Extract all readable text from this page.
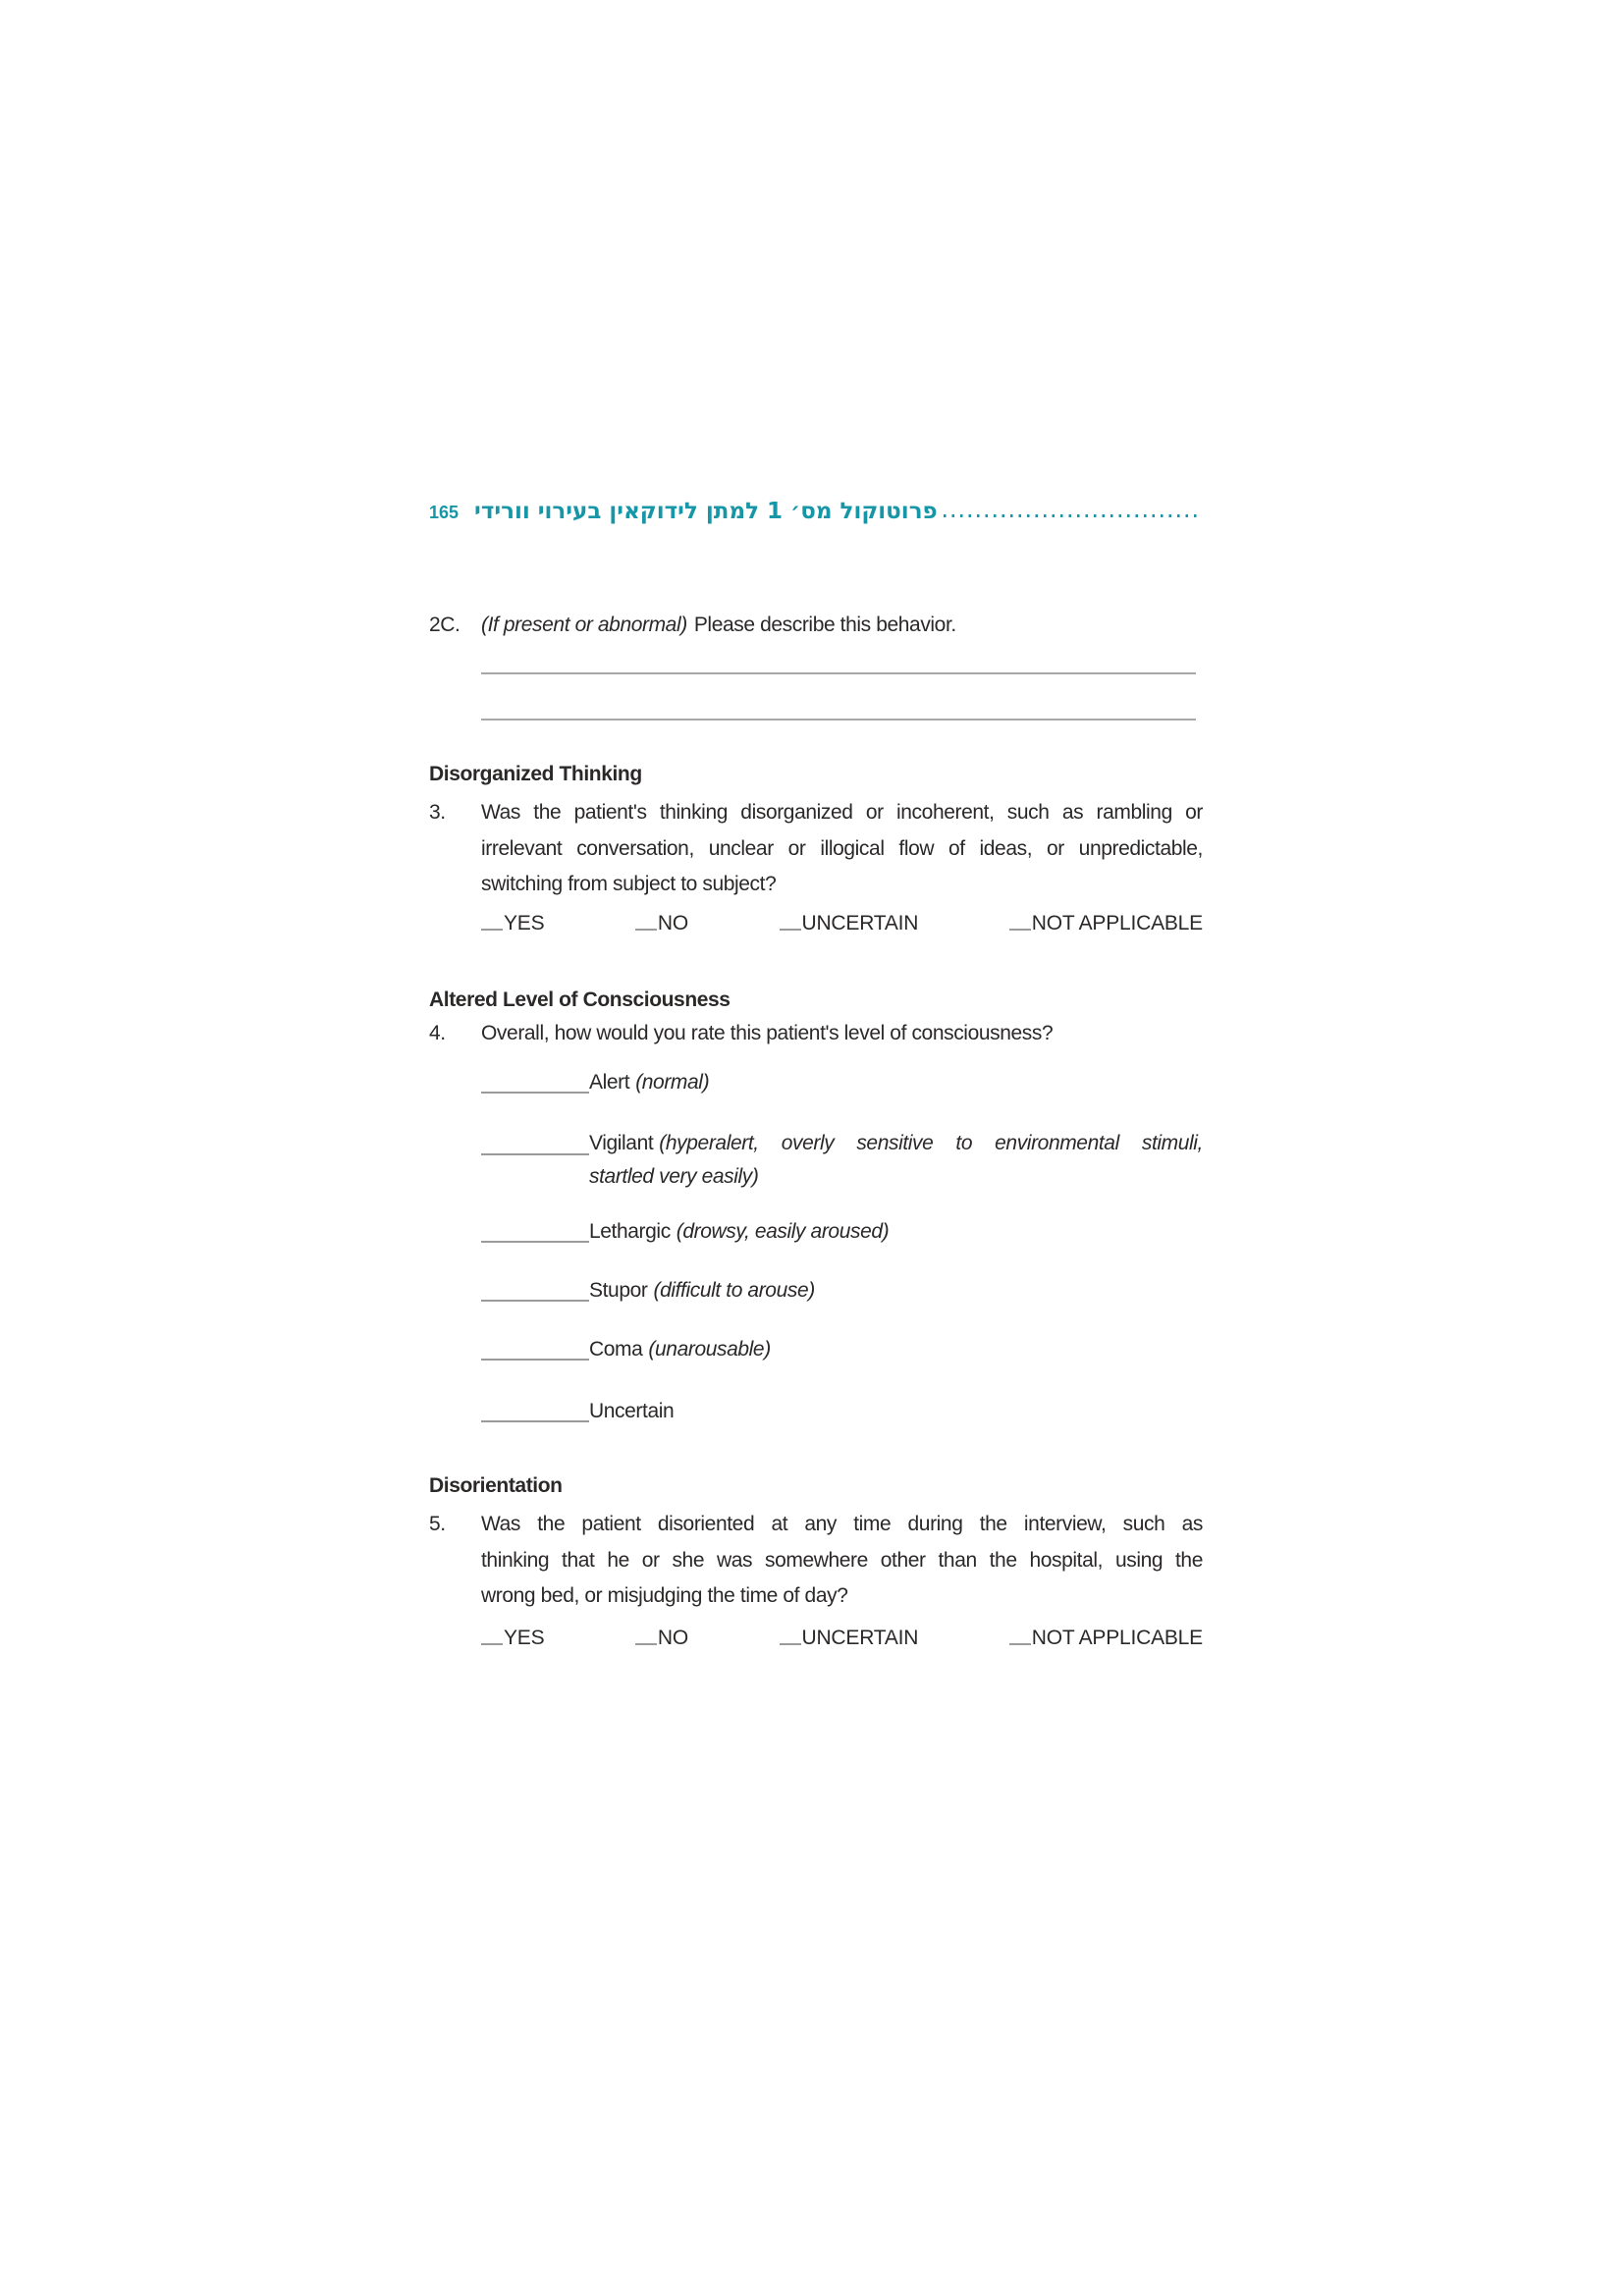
165 פרוטוקול מס׳ 1 למתן לידוקאין בעירוי וורידי
2C. (If present or abnormal) Please describe this behavior.
Disorganized Thinking
3. Was the patient's thinking disorganized or incoherent, such as rambling or
irrelevant conversation, unclear or illogical flow of ideas, or unpredictable,
switching from subject to subject?
YES	NO	UNCERTAIN	NOT APPLICABLE
Altered Level of Consciousness
4. Overall, how would you rate this patient's level of consciousness?
Alert (normal)
Vigilant (hyperalert, overly sensitive to environmental stimuli,
startled very easily)
Lethargic (drowsy, easily aroused)
Stupor (difficult to arouse)
Coma (unarousable)
Uncertain
Disorientation
5. Was the patient disoriented at any time during the interview, such as
thinking that he or she was somewhere other than the hospital, using the
wrong bed, or misjudging the time of day?
YES	NO	UNCERTAIN	NOT APPLICABLE
